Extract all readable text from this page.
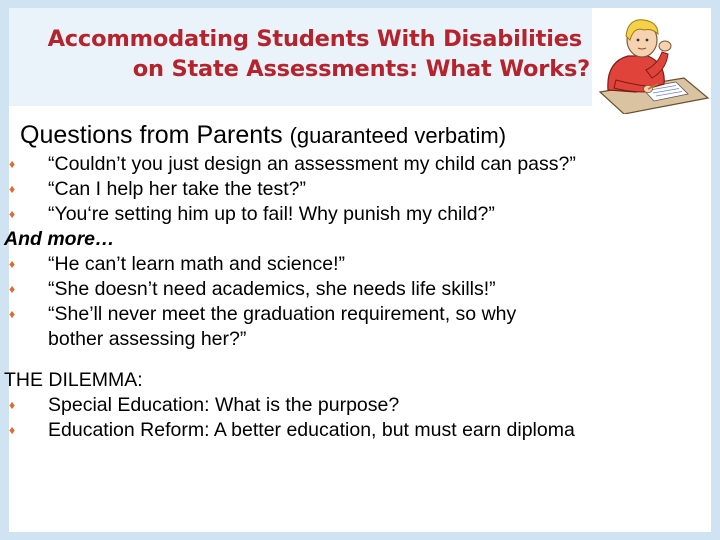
Accommodating Students With Disabilities
on State Assessments: What Works?
Questions from Parents (guaranteed verbatim)
♦ “Couldn’t you just design an assessment my child can pass?”
♦ “Can I help her take the test?”
♦ “You‘re setting him up to fail! Why punish my child?”
And more…
♦ “He can’t learn math and science!”
♦ “She doesn’t need academics, she needs life skills!”
♦ “She’ll never meet the graduation requirement, so why
bother assessing her?”
THE DILEMMA:
♦ Special Education: What is the purpose?
♦ Education Reform: A better education, but must earn diploma
